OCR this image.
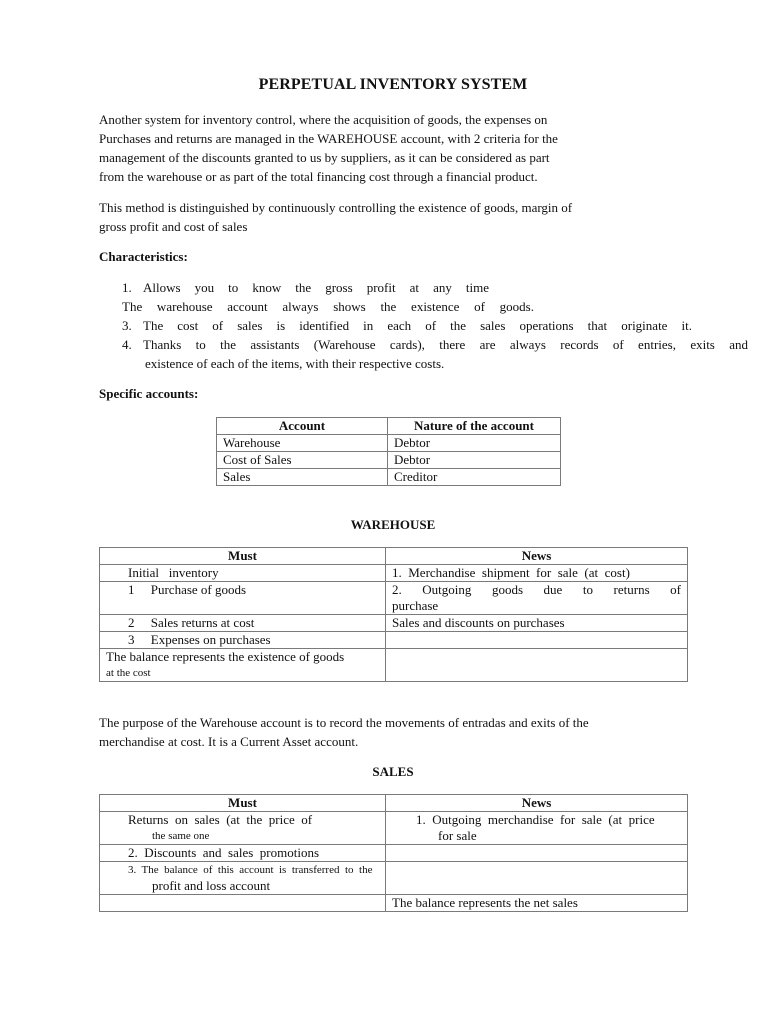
PERPETUAL INVENTORY SYSTEM
Another system for inventory control, where the acquisition of goods, the expenses on
Purchases and returns are managed in the WAREHOUSE account, with 2 criteria for the
management of the discounts granted to us by suppliers, as it can be considered as part
from the warehouse or as part of the total financing cost through a financial product.
This method is distinguished by continuously controlling the existence of goods, margin of
gross profit and cost of sales
Characteristics:
1. Allows you to know the gross profit at any time
The warehouse account always shows the existence of goods.
3. The cost of sales is identified in each of the sales operations that originate it.
4. Thanks to the assistants (Warehouse cards), there are always records of entries, exits and
existence of each of the items, with their respective costs.
Specific accounts:
Account	Nature of the account
Warehouse	Debtor
Cost of Sales	Debtor
Sales	Creditor
WAREHOUSE
Must	News
Initial   inventory	1.  Merchandise  shipment  for  sale  (at  cost)
1     Purchase of goods	2.  Outgoing  goods  due  to  returns  of
purchase

2     Sales returns at cost	Sales and discounts on purchases
3     Expenses on purchases	

The balance represents the existence of goods
at the cost	

The purpose of the Warehouse account is to record the movements of entradas and exits of the
merchandise at cost. It is a Current Asset account.
SALES
Must	News

Returns  on  sales  (at  the  price  of
the same one	1.  Outgoing  merchandise  for  sale  (at  price
for sale

2.  Discounts  and  sales  promotions	

3.  The  balance  of  this  account  is  transferred  to  the
profit and loss account	

	The balance represents the net sales
